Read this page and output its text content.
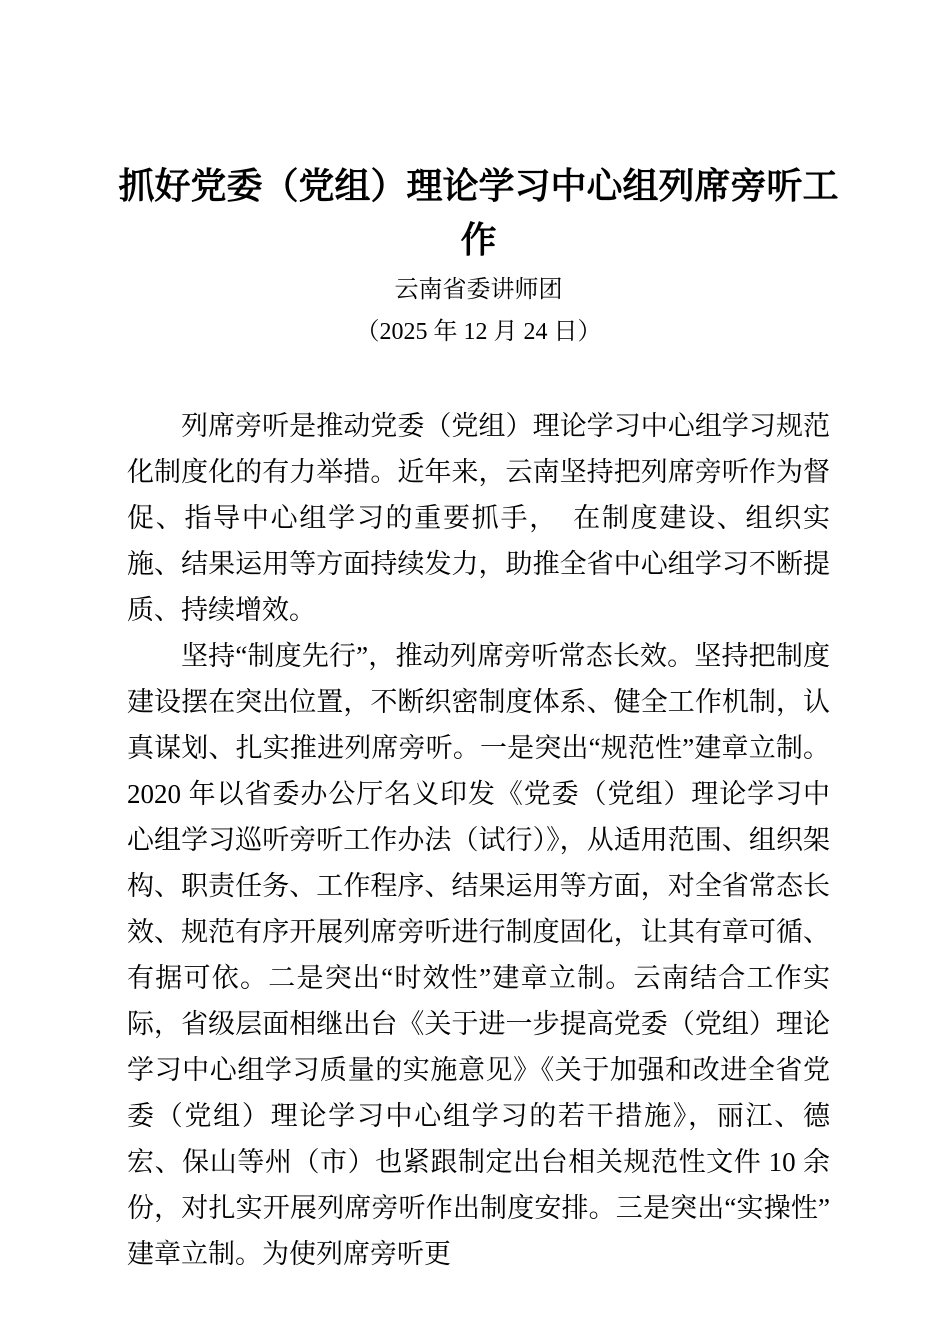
抓好党委（党组）理论学习中心组列席旁听工作
云南省委讲师团
（2025 年 12 月 24 日）

列席旁听是推动党委（党组）理论学习中心组学习规范化制度化的有力举措。近年来，云南坚持把列席旁听作为督促、指导中心组学习的重要抓手，　在制度建设、组织实施、结果运用等方面持续发力，助推全省中心组学习不断提质、持续增效。

坚持“制度先行”，推动列席旁听常态长效。坚持把制度建设摆在突出位置，不断织密制度体系、健全工作机制，认真谋划、扎实推进列席旁听。一是突出“规范性”建章立制。2020 年以省委办公厅名义印发《党委（党组）理论学习中心组学习巡听旁听工作办法（试行）》，从适用范围、组织架构、职责任务、工作程序、结果运用等方面，对全省常态长效、规范有序开展列席旁听进行制度固化，让其有章可循、有据可依。二是突出“时效性”建章立制。云南结合工作实际，省级层面相继出台《关于进一步提高党委（党组）理论学习中心组学习质量的实施意见》《关于加强和改进全省党委（党组）理论学习中心组学习的若干措施》，丽江、德宏、保山等州（市）也紧跟制定出台相关规范性文件 10 余份，对扎实开展列席旁听作出制度安排。三是突出“实操性”建章立制。为使列席旁听更
